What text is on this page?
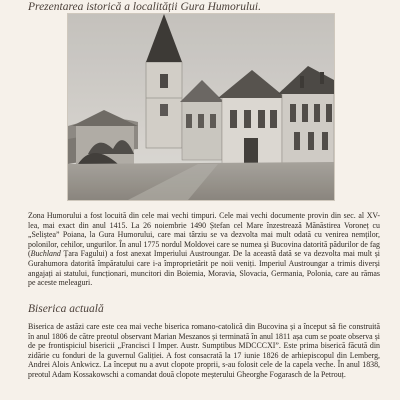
Prezentarea istorică a localității Gura Humorului.

Zona Humorului a fost locuită din cele mai vechi timpuri. Cele mai vechi documente provin din sec. al XV- lea, mai exact din anul 1415. La 26 noiembrie 1490 Ștefan cel Mare înzestrează Mănăstirea Voroneț cu „Seliștea” Poiana, la Gura Humorului, care mai târziu se va dezvolta mai mult odată cu venirea nemților, polonilor, cehilor, ungurilor. În anul 1775 nordul Moldovei care se numea și Bucovina datorită pădurilor de fag (Buchland Țara Fagului) a fost anexat Imperiului Austroungar. De la această dată se va dezvolta mai mult și Gurahumora datorită împăratului care i-a împroprietărit pe noii veniți. Imperiul Austroungar a trimis diverși angajați ai statului, funcționari, muncitori din Boiemia, Moravia, Slovacia, Germania, Polonia, care au rămas pe aceste meleaguri.

Biserica actuală

Biserica de astăzi care este cea mai veche biserica romano-catolică din Bucovina și a început să fie construită în anul 1806 de către preotul observant Marian Meszanos și terminată în anul 1811 așa cum se poate observa și de pe frontispiciul bisericii „Francisci I Imper. Austr. Sumptibus MDCCCXI”. Este prima biserică făcută din zidărie cu fonduri de la guvernul Galiției. A fost consacrată la 17 iunie 1826 de arhiepiscopul din Lemberg, Andrei Alois Ankwicz. La început nu a avut clopote proprii, s-au folosit cele de la capela veche. În anul 1838, preotul Adam Kossakowschi a comandat două clopote meșterului Gheorghe Fogarasch de la Petrouț.
